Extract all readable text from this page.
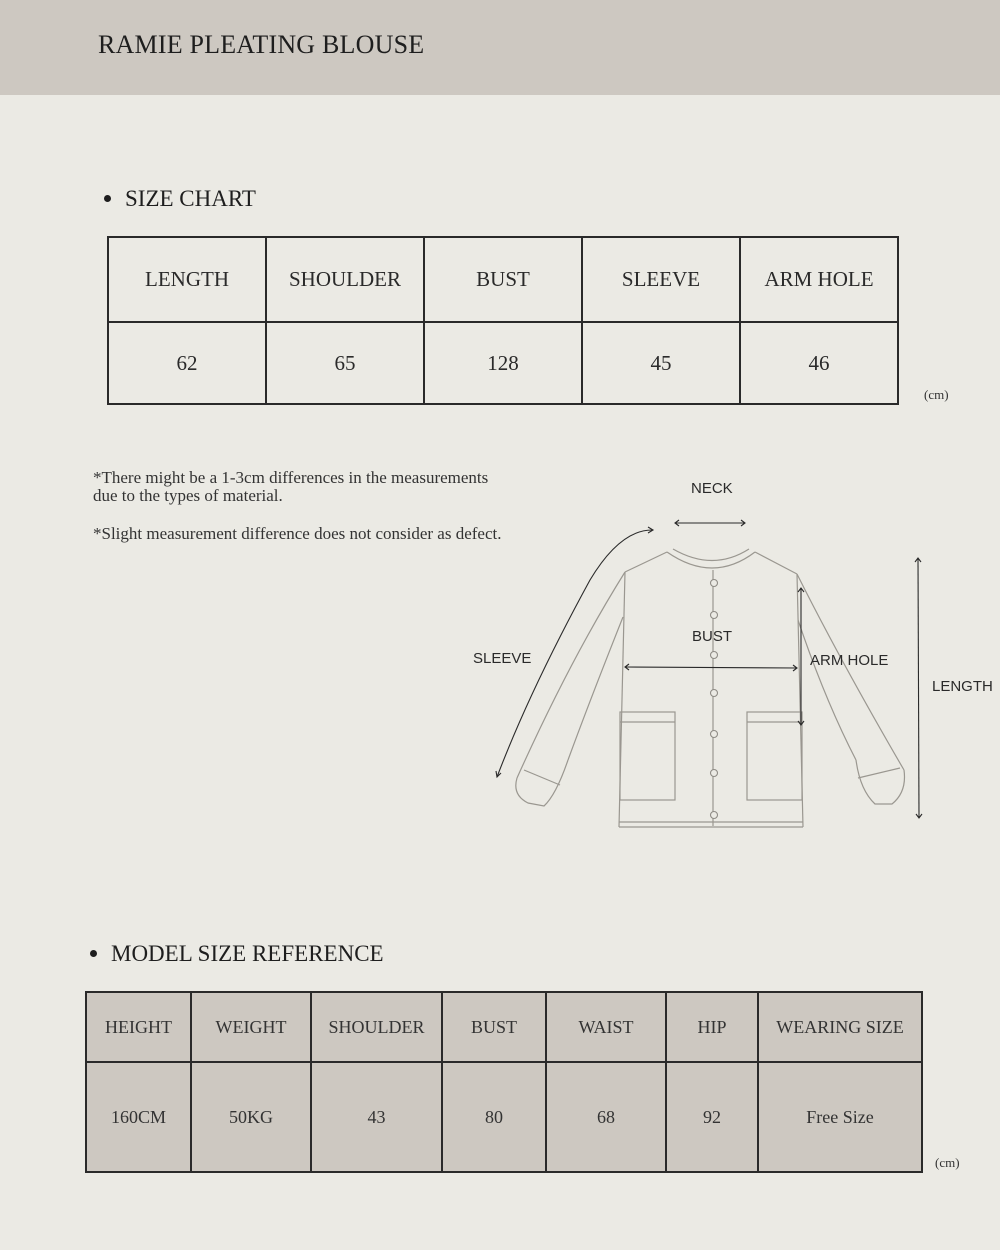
RAMIE PLEATING BLOUSE
SIZE CHART
LENGTH	SHOULDER	BUST	SLEEVE	ARM HOLE
62	65	128	45	46
(cm)
*There might be a 1-3cm differences in the measurements due to the types of material.
*Slight measurement difference does not consider as defect.
NECK
BUST
SLEEVE	ARM HOLE
LENGTH
MODEL SIZE REFERENCE
HEIGHT	WEIGHT	SHOULDER	BUST	WAIST	HIP	WEARING SIZE
160CM	50KG	43	80	68	92	Free Size
(cm)
